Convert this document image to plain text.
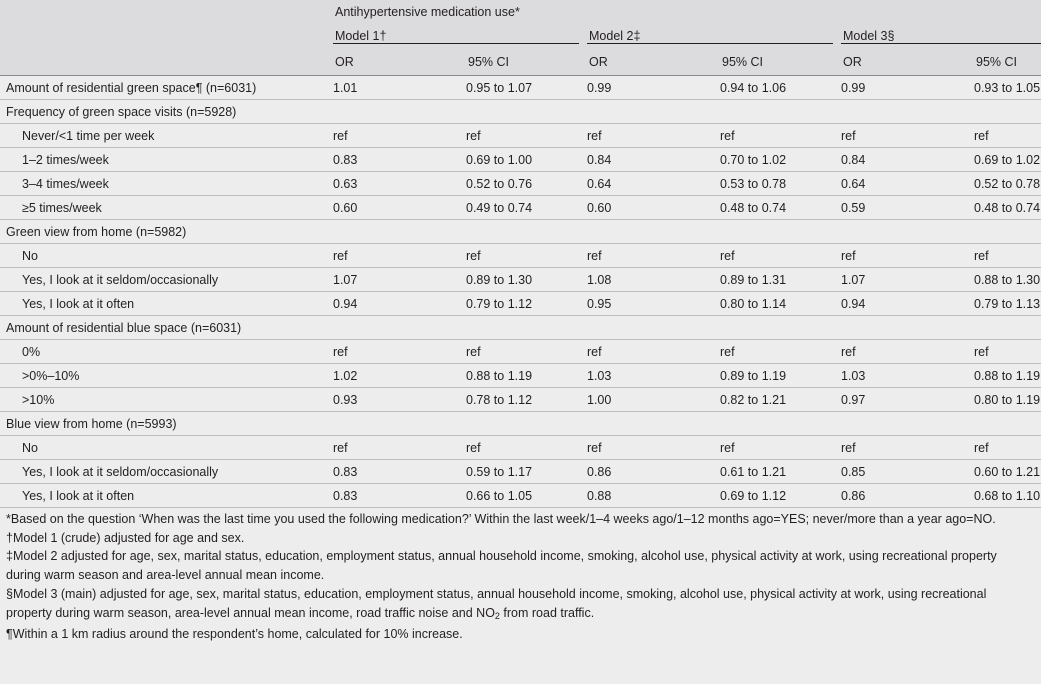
	Antihypertensive medication use*					

	Model 1†		Model 2‡		Model 3§	

	OR	95% CI	OR	95% CI	OR	95% CI
Amount of residential green space¶ (n=6031)	1.01	0.95 to 1.07	0.99	0.94 to 1.06	0.99	0.93 to 1.05
Frequency of green space visits (n=5928)						
Never/<1 time per week	ref	ref	ref	ref	ref	ref
1–2 times/week	0.83	0.69 to 1.00	0.84	0.70 to 1.02	0.84	0.69 to 1.02
3–4 times/week	0.63	0.52 to 0.76	0.64	0.53 to 0.78	0.64	0.52 to 0.78
≥5 times/week	0.60	0.49 to 0.74	0.60	0.48 to 0.74	0.59	0.48 to 0.74
Green view from home (n=5982)						
No	ref	ref	ref	ref	ref	ref
Yes, I look at it seldom/occasionally	1.07	0.89 to 1.30	1.08	0.89 to 1.31	1.07	0.88 to 1.30
Yes, I look at it often	0.94	0.79 to 1.12	0.95	0.80 to 1.14	0.94	0.79 to 1.13
Amount of residential blue space (n=6031)						
0%	ref	ref	ref	ref	ref	ref
>0%–10%	1.02	0.88 to 1.19	1.03	0.89 to 1.19	1.03	0.88 to 1.19
>10%	0.93	0.78 to 1.12	1.00	0.82 to 1.21	0.97	0.80 to 1.19
Blue view from home (n=5993)						
No	ref	ref	ref	ref	ref	ref
Yes, I look at it seldom/occasionally	0.83	0.59 to 1.17	0.86	0.61 to 1.21	0.85	0.60 to 1.21
Yes, I look at it often	0.83	0.66 to 1.05	0.88	0.69 to 1.12	0.86	0.68 to 1.10

*Based on the question ‘When was the last time you used the following medication?’ Within the last week/1–4 weeks ago/1–12 months ago=YES; never/more than a year ago=NO.

†Model 1 (crude) adjusted for age and sex.

‡Model 2 adjusted for age, sex, marital status, education, employment status, annual household income, smoking, alcohol use, physical activity at work, using recreational property during warm season and area-level annual mean income.

§Model 3 (main) adjusted for age, sex, marital status, education, employment status, annual household income, smoking, alcohol use, physical activity at work, using recreational property during warm season, area-level annual mean income, road traffic noise and $NO_2$ from road traffic.

¶Within a 1 km radius around the respondent’s home, calculated for 10% increase.
